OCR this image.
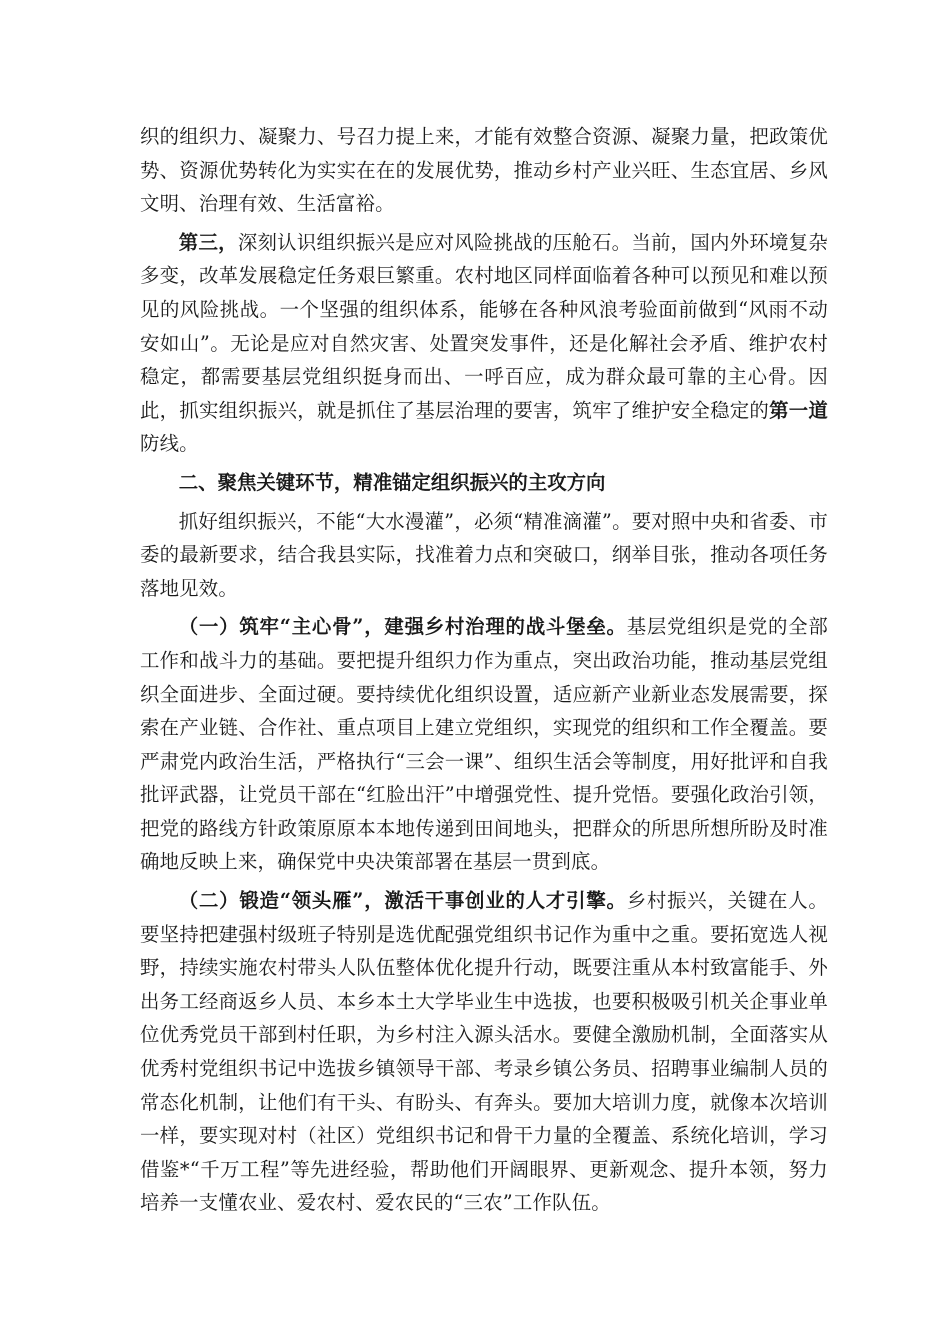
织的组织力、凝聚力、号召力提上来，才能有效整合资源、凝聚力量，把政策优势、资源优势转化为实实在在的发展优势，推动乡村产业兴旺、生态宜居、乡风文明、治理有效、生活富裕。

第三，深刻认识组织振兴是应对风险挑战的压舱石。当前，国内外环境复杂多变，改革发展稳定任务艰巨繁重。农村地区同样面临着各种可以预见和难以预见的风险挑战。一个坚强的组织体系，能够在各种风浪考验面前做到“风雨不动安如山”。无论是应对自然灾害、处置突发事件，还是化解社会矛盾、维护农村稳定，都需要基层党组织挺身而出、一呼百应，成为群众最可靠的主心骨。因此，抓实组织振兴，就是抓住了基层治理的要害，筑牢了维护安全稳定的第一道防线。

二、聚焦关键环节，精准锚定组织振兴的主攻方向

抓好组织振兴，不能“大水漫灌”，必须“精准滴灌”。要对照中央和省委、市委的最新要求，结合我县实际，找准着力点和突破口，纲举目张，推动各项任务落地见效。

（一）筑牢“主心骨”，建强乡村治理的战斗堡垒。基层党组织是党的全部工作和战斗力的基础。要把提升组织力作为重点，突出政治功能，推动基层党组织全面进步、全面过硬。要持续优化组织设置，适应新产业新业态发展需要，探索在产业链、合作社、重点项目上建立党组织，实现党的组织和工作全覆盖。要严肃党内政治生活，严格执行“三会一课”、组织生活会等制度，用好批评和自我批评武器，让党员干部在“红脸出汗”中增强党性、提升党悟。要强化政治引领，把党的路线方针政策原原本本地传递到田间地头，把群众的所思所想所盼及时准确地反映上来，确保党中央决策部署在基层一贯到底。

（二）锻造“领头雁”，激活干事创业的人才引擎。乡村振兴，关键在人。要坚持把建强村级班子特别是选优配强党组织书记作为重中之重。要拓宽选人视野，持续实施农村带头人队伍整体优化提升行动，既要注重从本村致富能手、外出务工经商返乡人员、本乡本土大学毕业生中选拔，也要积极吸引机关企事业单位优秀党员干部到村任职，为乡村注入源头活水。要健全激励机制，全面落实从优秀村党组织书记中选拔乡镇领导干部、考录乡镇公务员、招聘事业编制人员的常态化机制，让他们有干头、有盼头、有奔头。要加大培训力度，就像本次培训一样，要实现对村（社区）党组织书记和骨干力量的全覆盖、系统化培训，学习借鉴*“千万工程”等先进经验，帮助他们开阔眼界、更新观念、提升本领，努力培养一支懂农业、爱农村、爱农民的“三农”工作队伍。
